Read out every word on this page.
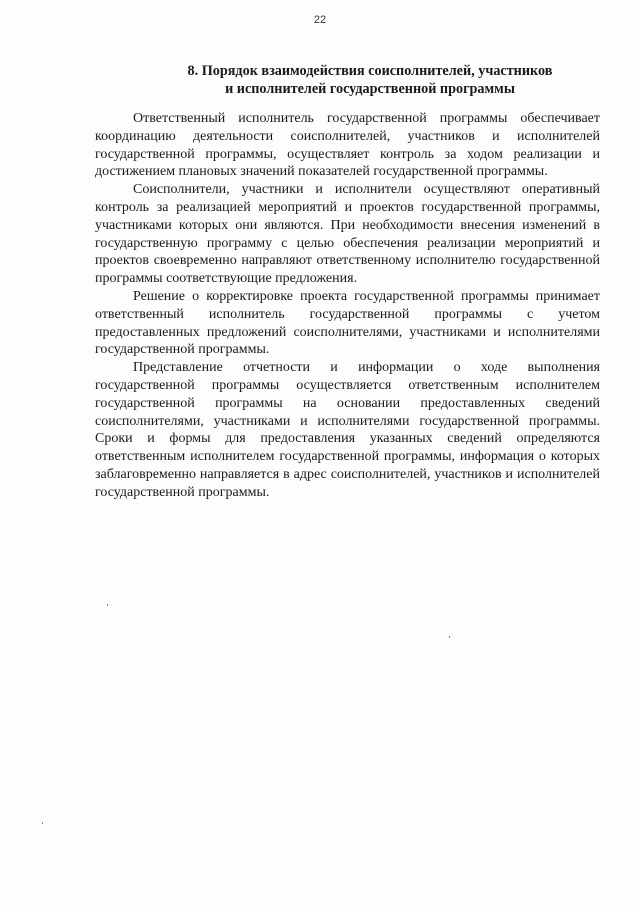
22
8. Порядок взаимодействия соисполнителей, участников
и исполнителей государственной программы

Ответственный исполнитель государственной программы обеспечивает координацию деятельности соисполнителей, участников и исполнителей государственной программы, осуществляет контроль за ходом реализации и достижением плановых значений показателей государственной программы.

Соисполнители, участники и исполнители осуществляют оперативный контроль за реализацией мероприятий и проектов государственной программы, участниками которых они являются. При необходимости внесения изменений в государственную программу с целью обеспечения реализации мероприятий и проектов своевременно направляют ответственному исполнителю государственной программы соответствующие предложения.

Решение о корректировке проекта государственной программы принимает ответственный исполнитель государственной программы с учетом предоставленных предложений соисполнителями, участниками и исполнителями государственной программы.

Представление отчетности и информации о ходе выполнения государственной программы осуществляется ответственным исполнителем государственной программы на основании предоставленных сведений соисполнителями, участниками и исполнителями государственной программы. Сроки и формы для предоставления указанных сведений определяются ответственным исполнителем государственной программы, информация о которых заблаговременно направляется в адрес соисполнителей, участников и исполнителей государственной программы.
